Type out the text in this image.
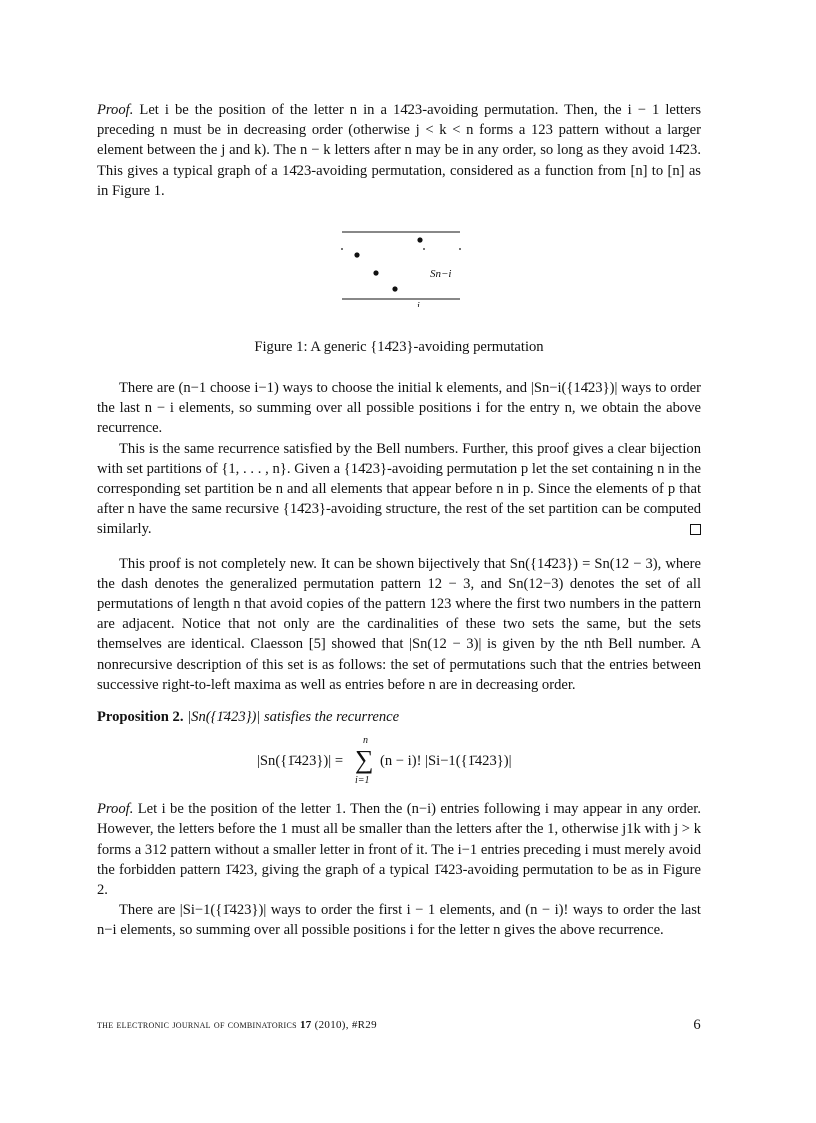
Proof. Let i be the position of the letter n in a 14̄23-avoiding permutation. Then, the i − 1 letters preceding n must be in decreasing order (otherwise j < k < n forms a 123 pattern without a larger element between the j and k). The n − k letters after n may be in any order, so long as they avoid 14̄23. This gives a typical graph of a 14̄23-avoiding permutation, considered as a function from [n] to [n] as in Figure 1.

Sn−i
i
Figure 1: A generic {14̄23}-avoiding permutation

There are (n−1 choose i−1) ways to choose the initial k elements, and |Sn−i({14̄23})| ways to order the last n − i elements, so summing over all possible positions i for the entry n, we obtain the above recurrence.

This is the same recurrence satisfied by the Bell numbers. Further, this proof gives a clear bijection with set partitions of {1, . . . , n}. Given a {14̄23}-avoiding permutation p let the set containing n in the corresponding set partition be n and all elements that appear before n in p. Since the elements of p that after n have the same recursive {14̄23}-avoiding structure, the rest of the set partition can be computed similarly.

This proof is not completely new. It can be shown bijectively that Sn({14̄23}) = Sn(12 − 3), where the dash denotes the generalized permutation pattern 12 − 3, and Sn(12−3) denotes the set of all permutations of length n that avoid copies of the pattern 123 where the first two numbers in the pattern are adjacent. Notice that not only are the cardinalities of these two sets the same, but the sets themselves are identical. Claesson [5] showed that |Sn(12 − 3)| is given by the nth Bell number. A nonrecursive description of this set is as follows: the set of permutations such that the entries between successive right-to-left maxima as well as entries before n are in decreasing order.

Proposition 2. |Sn({1̄423})| satisfies the recurrence

|Sn({1̄423})| =
n
∑
i=1
(n − i)! |Si−1({1̄423})|

Proof. Let i be the position of the letter 1. Then the (n−i) entries following i may appear in any order. However, the letters before the 1 must all be smaller than the letters after the 1, otherwise j1k with j > k forms a 312 pattern without a smaller letter in front of it. The i−1 entries preceding i must merely avoid the forbidden pattern 1̄423, giving the graph of a typical 1̄423-avoiding permutation to be as in Figure 2.

There are |Si−1({1̄423})| ways to order the first i − 1 elements, and (n − i)! ways to order the last n−i elements, so summing over all possible positions i for the letter n gives the above recurrence.

the electronic journal of combinatorics 17 (2010), #R29	6
